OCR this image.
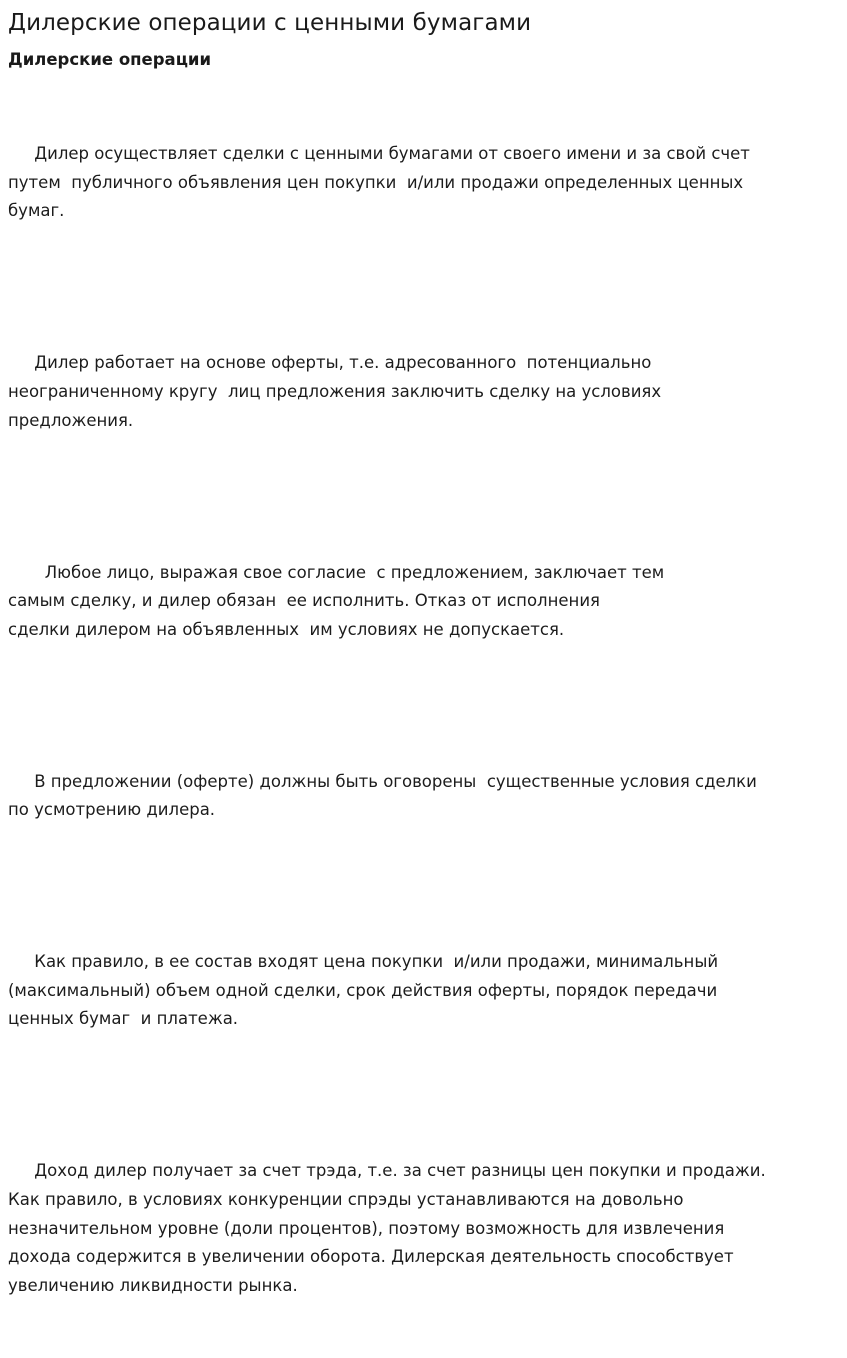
Дилерские операции с ценными бумагами
Дилерские операции

Дилер осуществляет сделки с ценными бумагами от своего имени и за свой счет
путем  публичного объявления цен покупки  и/или продажи определенных ценных
бумаг.

Дилер работает на основе оферты, т.е. адресованного  потенциально
неограниченному кругу  лиц предложения заключить сделку на условиях
предложения.

Любое лицо, выражая свое согласие  с предложением, заключает тем
самым сделку, и дилер обязан  ее исполнить. Отказ от исполнения
сделки дилером на объявленных  им условиях не допускается.

В предложении (оферте) должны быть оговорены  существенные условия сделки
по усмотрению дилера.

Как правило, в ее состав входят цена покупки  и/или продажи, минимальный
(максимальный) объем одной сделки, срок действия оферты, порядок передачи
ценных бумаг  и платежа.

Доход дилер получает за счет трэда, т.е. за счет разницы цен покупки и продажи.
Как правило, в условиях конкуренции спрэды устанавливаются на довольно
незначительном уровне (доли процентов), поэтому возможность для извлечения
дохода содержится в увеличении оборота. Дилерская деятельность способствует
увеличению ликвидности рынка.
